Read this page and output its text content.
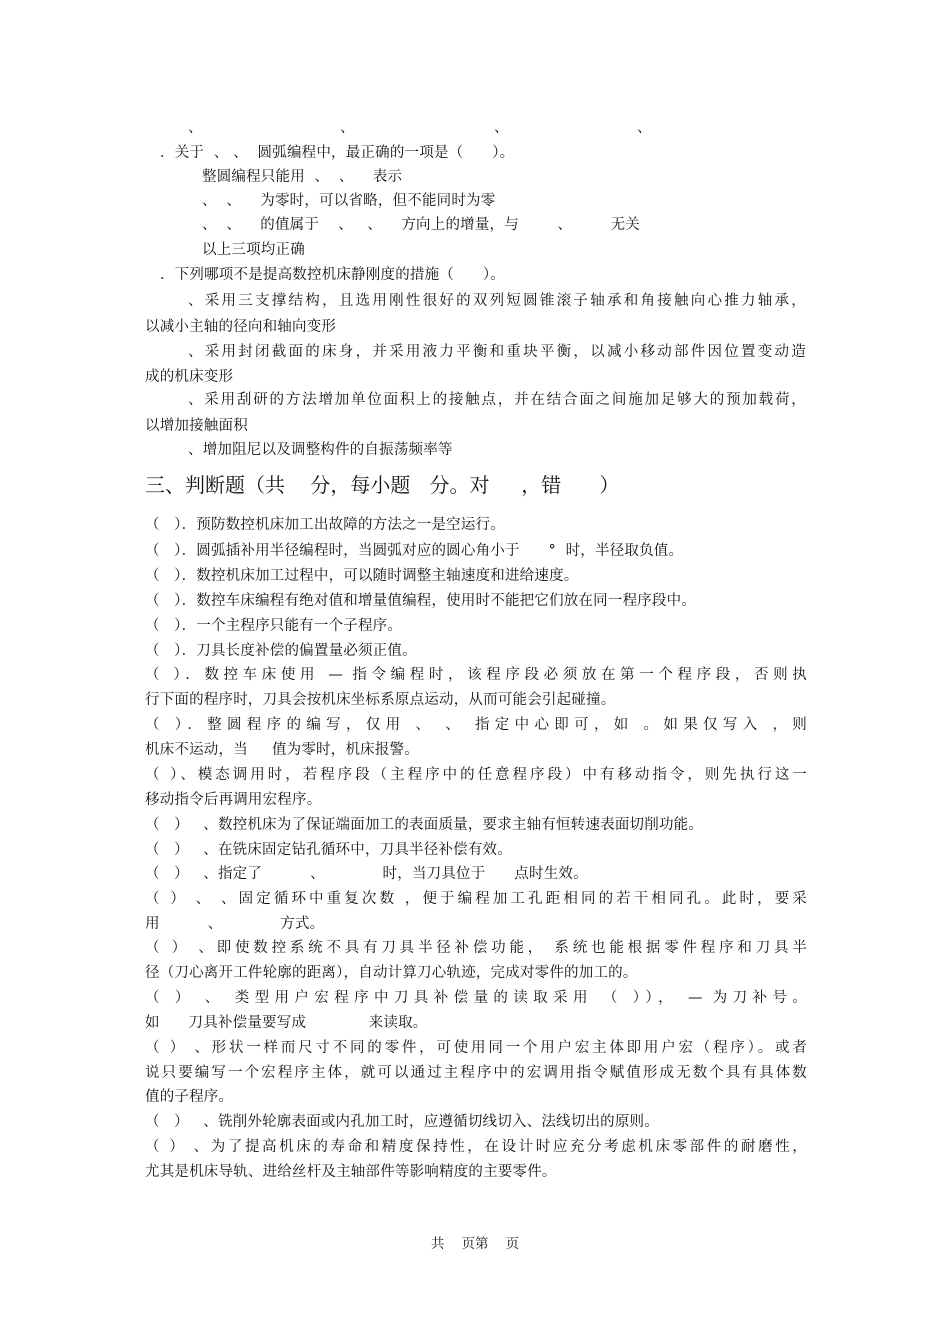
、	、	、	、
．关于  、 、  圆弧编程中，最正确的一项是（      ）。
整圆编程只能用  、  、    表示
、  、    为零时，可以省略，但不能同时为零
、  、    的值属于    、   、    方向上的增量，与        、        无关
以上三项均正确
．下列哪项不是提高数控机床静刚度的措施（      ）。
、采用三支撑结构，且选用刚性很好的双列短圆锥滚子轴承和角接触向心推力轴承，
以减小主轴的径向和轴向变形
、采用封闭截面的床身，并采用液力平衡和重块平衡，以减小移动部件因位置变动造
成的机床变形
、采用刮研的方法增加单位面积上的接触点，并在结合面之间施加足够大的预加载荷，
以增加接触面积
、增加阻尼以及调整构件的自振荡频率等
三、判断题（共    分，每小题   分。对     ，错      ）
（   ）．预防数控机床加工出故障的方法之一是空运行。
（   ）．圆弧插补用半径编程时，当圆弧对应的圆心角小于      °  时，半径取负值。
（   ）．数控机床加工过程中，可以随时调整主轴速度和进给速度。
（   ）．数控车床编程有绝对值和增量值编程，使用时不能把它们放在同一程序段中。
（   ）．一个主程序只能有一个子程序。
（   ）．刀具长度补偿的偏置量必须正值。
（ ）．数控车床使用 — 指令编程时，该程序段必须放在第一个程序段，否则执
行下面的程序时，刀具会按机床坐标系原点运动，从而可能会引起碰撞。
（ ）．整圆程序的编写，仅用 、 、 指定中心即可，如 。如果仅写入 ，则
机床不运动，当     值为零时，机床报警。
（ ）、模态调用时，若程序段（主程序中的任意程序段）中有移动指令，则先执行这一
移动指令后再调用宏程序。
（   ）   、数控机床为了保证端面加工的表面质量，要求主轴有恒转速表面切削功能。
（   ）   、在铣床固定钻孔循环中，刀具半径补偿有效。
（   ）   、指定了          、            时，当刀具位于      点时生效。
（ ） 、 、固定循环中重复次数 ，便于编程加工孔距相同的若干相同孔。此时，要采
用          、            方式。
（ ） 、即使数控系统不具有刀具半径补偿功能， 系统也能根据零件程序和刀具半
径（刀心离开工件轮廓的距离），自动计算刀心轨迹，完成对零件的加工的。
（ ） 、 类型用户宏程序中刀具补偿量的读取采用 （ ））， — 为刀补号。
如      刀具补偿量要写成             来读取。
（ ） 、形状一样而尺寸不同的零件，可使用同一个用户宏主体即用户宏（程序）。或者
说只要编写一个宏程序主体，就可以通过主程序中的宏调用指令赋值形成无数个具有具体数
值的子程序。
（   ）   、铣削外轮廓表面或内孔加工时，应遵循切线切入、法线切出的原则。
（ ） 、为了提高机床的寿命和精度保持性，在设计时应充分考虑机床零部件的耐磨性，
尤其是机床导轨、进给丝杆及主轴部件等影响精度的主要零件。
共    页第    页
